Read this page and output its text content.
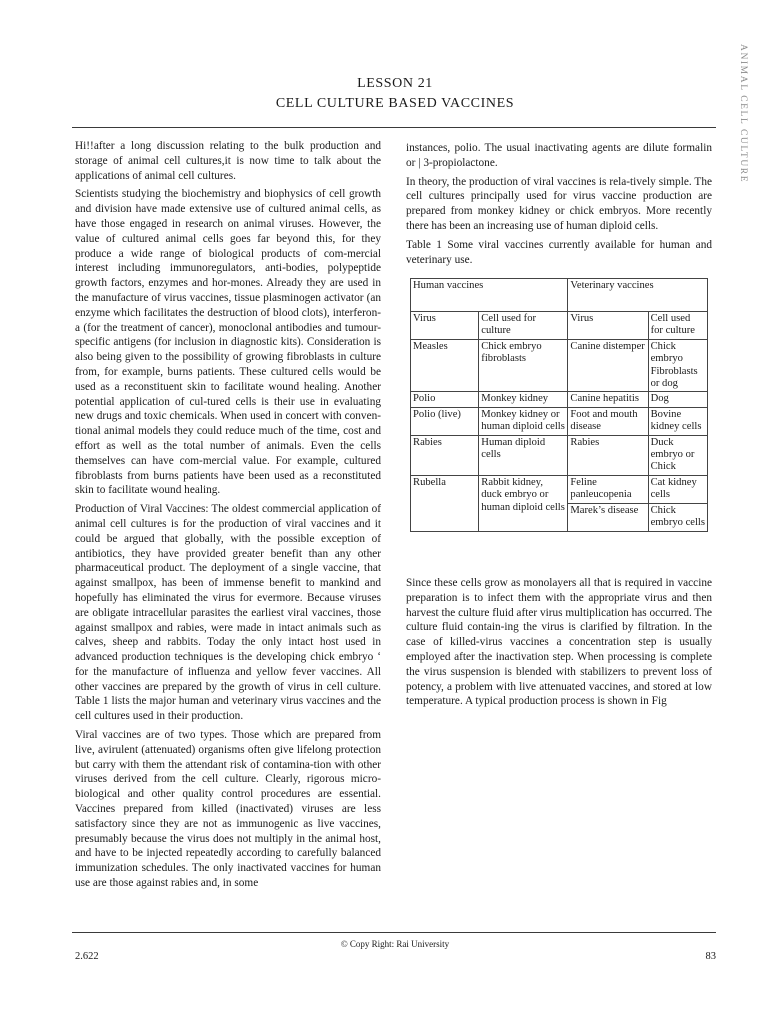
ANIMAL CELL CULTURE
LESSON 21
CELL CULTURE BASED VACCINES

Hi!!after a long discussion relating to the bulk production and storage of animal cell cultures,it is now time to talk about the applications of animal cell cultures.

Scientists studying the biochemistry and biophysics of cell growth and division have made extensive use of cultured animal cells, as have those engaged in research on animal viruses. However, the value of cultured animal cells goes far beyond this, for they produce a wide range of biological products of com-mercial interest including immunoregulators, anti-bodies, polypeptide growth factors, enzymes and hor-mones. Already they are used in the manufacture of virus vaccines, tissue plasminogen activator (an enzyme which facilitates the destruction of blood clots), interferon-a (for the treatment of cancer), monoclonal antibodies and tumour-specific antigens (for inclusion in diagnostic kits). Consideration is also being given to the possibility of growing fibroblasts in culture from, for example, burns patients. These cultured cells would be used as a reconstituent skin to facilitate wound healing. Another potential application of cul-tured cells is their use in evaluating new drugs and toxic chemicals. When used in concert with conven-tional animal models they could reduce much of the time, cost and effort as well as the total number of animals. Even the cells themselves can have com-mercial value. For example, cultured fibroblasts from burns patients have been used as a reconstituted skin to facilitate wound healing.

Production of Viral Vaccines: The oldest commercial application of animal cell cultures is for the production of viral vaccines and it could be argued that globally, with the possible exception of antibiotics, they have provided greater benefit than any other pharmaceutical product. The deployment of a single vaccine, that against smallpox, has been of immense benefit to mankind and hopefully has eliminated the virus for evermore. Because viruses are obligate intracellular parasites the earliest viral vaccines, those against smallpox and rabies, were made in intact animals such as calves, sheep and rabbits. Today the only intact host used in advanced production techniques is the developing chick embryo ‘ for the manufacture of influenza and yellow fever vaccines. All other vaccines are prepared by the growth of virus in cell culture. Table 1 lists the major human and veterinary virus vaccines and the cell cultures used in their production.

Viral vaccines are of two types. Those which are prepared from live, avirulent (attenuated) organisms often give lifelong protection but carry with them the attendant risk of contamina-tion with other viruses derived from the cell culture. Clearly, rigorous micro-biological and other quality control procedures are essential. Vaccines prepared from killed (inactivated) viruses are less satisfactory since they are not as immunogenic as live vaccines, presumably because the virus does not multiply in the animal host, and have to be injected repeatedly according to carefully balanced immunization schedules. The only inactivated vaccines for human use are those against rabies and, in some

instances, polio. The usual inactivating agents are dilute formalin or | 3-propiolactone.

In theory, the production of viral vaccines is rela-tively simple. The cell cultures principally used for virus vaccine production are prepared from monkey kidney or chick embryos. More recently there has been an increasing use of human diploid cells.

Table 1 Some viral vaccines currently available for human and veterinary use.

Human vaccines		Veterinary vaccines	

Virus	Cell used for culture	Virus	Cell used for culture

Measles	Chick embryo fibroblasts	Canine distemper	Chick embryo Fibroblasts or dog

Polio	Monkey kidney	Canine hepatitis	Dog

Polio (live)	Monkey kidney or human diploid cells	Foot and mouth disease	Bovine kidney cells

Rabies	Human diploid cells	Rabies	Duck embryo or Chick

Rubella	Rabbit kidney, duck embryo or human diploid cells	Feline panleucopenia	Cat kidney cells

		Marek’s disease	Chick embryo cells

Since these cells grow as monolayers all that is required in vaccine preparation is to infect them with the appropriate virus and then harvest the culture fluid after virus multiplication has occurred. The culture fluid contain-ing the virus is clarified by filtration. In the case of killed-virus vaccines a concentration step is usually employed after the inactivation step. When processing is complete the virus suspension is blended with stabilizers to prevent loss of potency, a problem with live attenuated vaccines, and stored at low temperature. A typical production process is shown in Fig

© Copy Right: Rai University
2.622	83
